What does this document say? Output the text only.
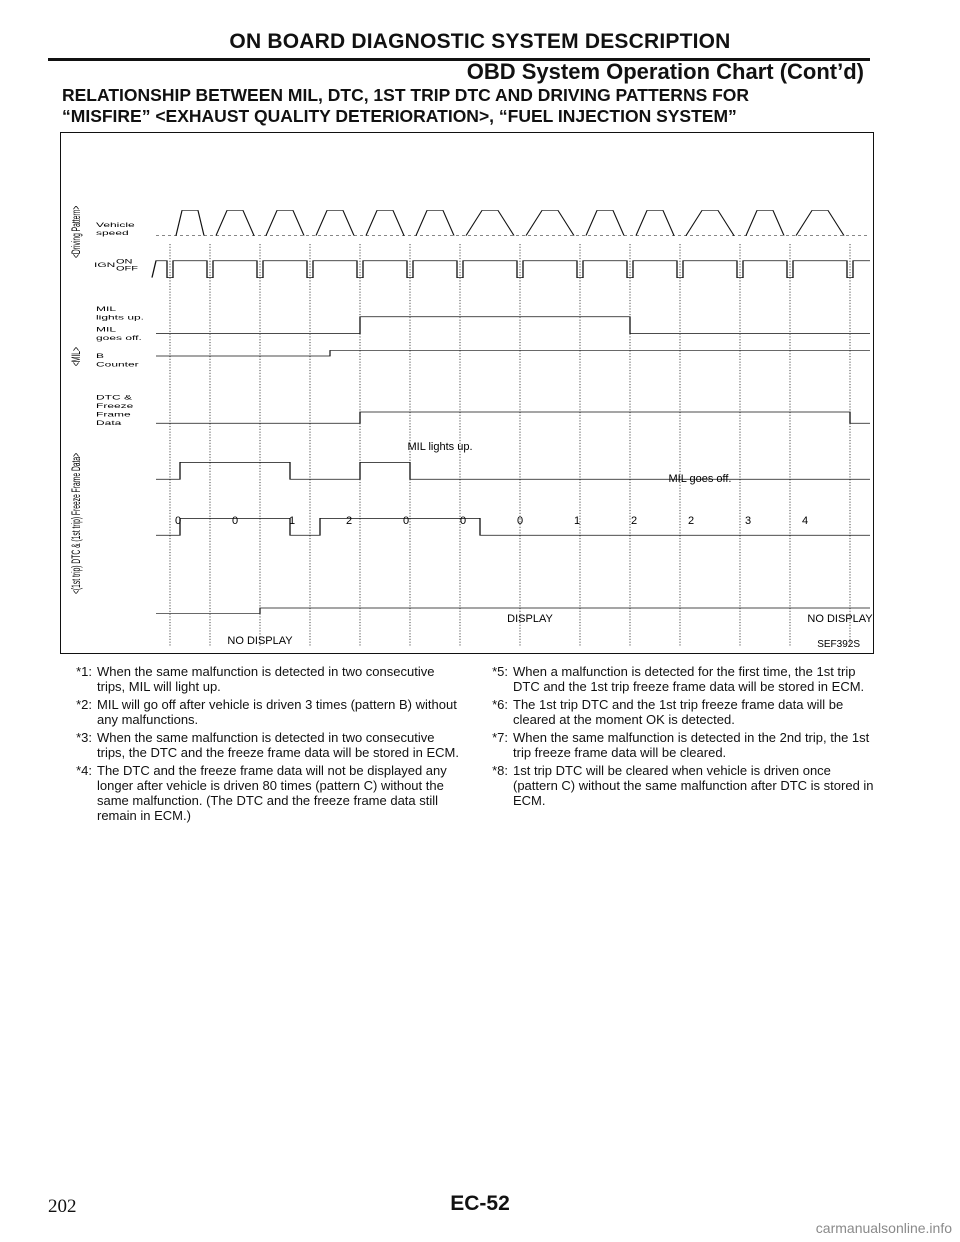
ON BOARD DIAGNOSTIC SYSTEM DESCRIPTION
OBD System Operation Chart (Cont’d)
RELATIONSHIP BETWEEN MIL, DTC, 1ST TRIP DTC AND DRIVING PATTERNS FOR
“MISFIRE” <EXHAUST QUALITY DETERIORATION>, “FUEL INJECTION SYSTEM”
<Driving Pattern>
<MIL>
<(1st trip) DTC & (1st trip) Freeze Frame Data>
Vehicle speed
IGN ON
OFF
MIL lights up.
MIL goes off.
B Counter
DTC & Freeze Frame Data
MIL lights up.
MIL goes off.
0	0	1	2	0	0	0	1	2	2	3	4
NO DISPLAY
DISPLAY	NO DISPLAY
SEF392S
*1: When the same malfunction is detected in two consecutive trips, MIL will light up.
*2: MIL will go off after vehicle is driven 3 times (pattern B) without any malfunctions.
*3: When the same malfunction is detected in two consecutive trips, the DTC and the freeze frame data will be stored in ECM.
*4: The DTC and the freeze frame data will not be displayed any longer after vehicle is driven 80 times (pattern C) without the same malfunction. (The DTC and the freeze frame data still remain in ECM.)
*5: When a malfunction is detected for the first time, the 1st trip DTC and the 1st trip freeze frame data will be stored in ECM.
*6: The 1st trip DTC and the 1st trip freeze frame data will be cleared at the moment OK is detected.
*7: When the same malfunction is detected in the 2nd trip, the 1st trip freeze frame data will be cleared.
*8: 1st trip DTC will be cleared when vehicle is driven once (pattern C) without the same malfunction after DTC is stored in ECM.
202	EC-52
carmanualsonline.info
